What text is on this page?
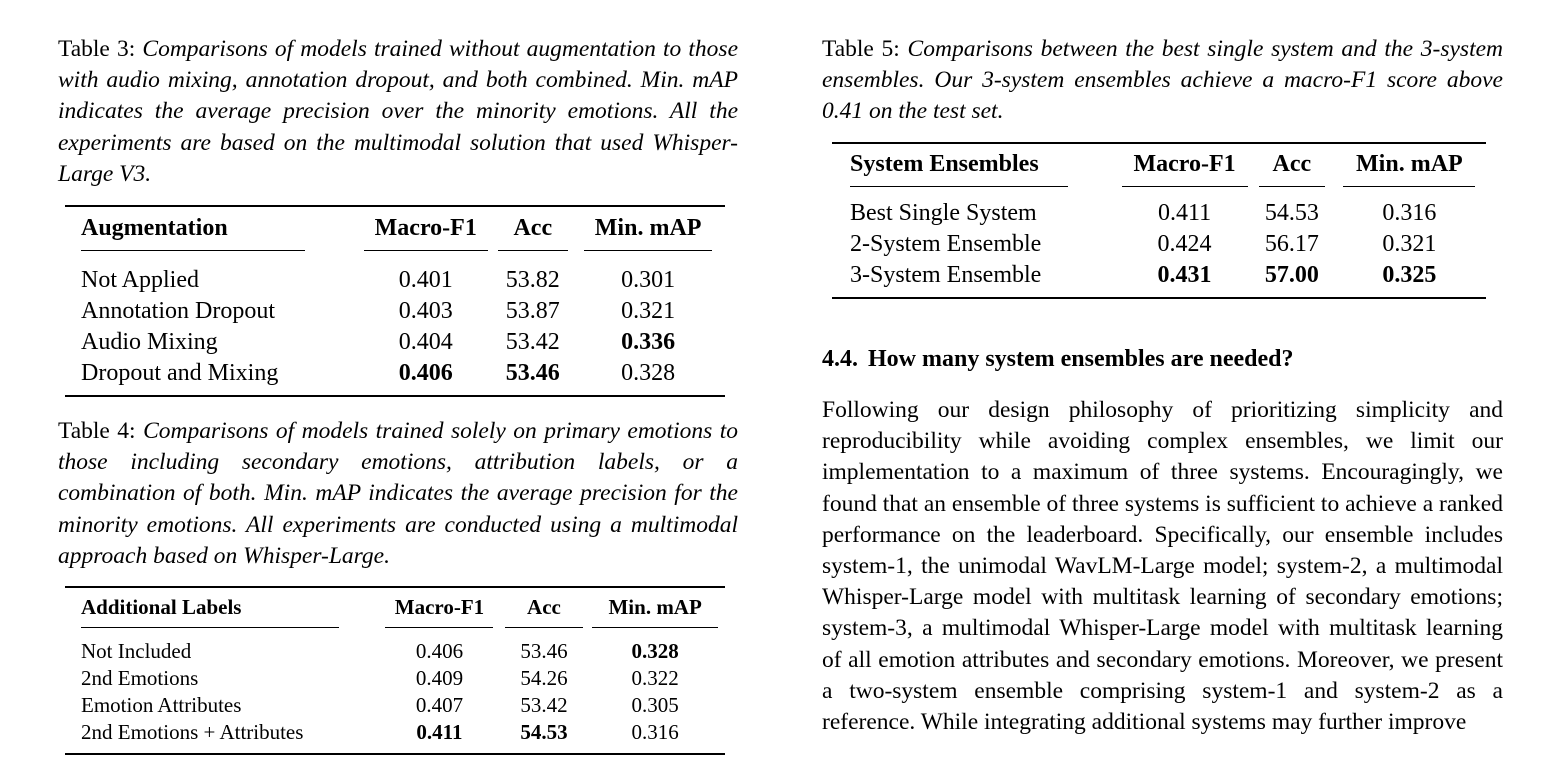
Table 3: Comparisons of models trained without augmentation to those with audio mixing, annotation dropout, and both combined. Min. mAP indicates the average precision over the minority emotions. All the experiments are based on the multimodal solution that used Whisper-Large V3.
Augmentation	Macro-F1	Acc	Min. mAP

Not Applied	0.401	53.82	0.301
Annotation Dropout	0.403	53.87	0.321
Audio Mixing	0.404	53.42	0.336
Dropout and Mixing	0.406	53.46	0.328
Table 4: Comparisons of models trained solely on primary emotions to those including secondary emotions, attribution labels, or a combination of both. Min. mAP indicates the average precision for the minority emotions. All experiments are conducted using a multimodal approach based on Whisper-Large.
Additional Labels	Macro-F1	Acc	Min. mAP

Not Included	0.406	53.46	0.328
2nd Emotions	0.409	54.26	0.322
Emotion Attributes	0.407	53.42	0.305
2nd Emotions + Attributes	0.411	54.53	0.316
Table 5: Comparisons between the best single system and the 3-system ensembles. Our 3-system ensembles achieve a macro-F1 score above 0.41 on the test set.
System Ensembles	Macro-F1	Acc	Min. mAP

Best Single System	0.411	54.53	0.316
2-System Ensemble	0.424	56.17	0.321
3-System Ensemble	0.431	57.00	0.325
4.4. How many system ensembles are needed?
Following our design philosophy of prioritizing simplicity and reproducibility while avoiding complex ensembles, we limit our implementation to a maximum of three systems. Encouragingly, we found that an ensemble of three systems is sufficient to achieve a ranked performance on the leaderboard. Specifically, our ensemble includes system-1, the unimodal WavLM-Large model; system-2, a multimodal Whisper-Large model with multitask learning of secondary emotions; system-3, a multimodal Whisper-Large model with multitask learning of all emotion attributes and secondary emotions. Moreover, we present a two-system ensemble comprising system-1 and system-2 as a reference. While integrating additional systems may further improve
